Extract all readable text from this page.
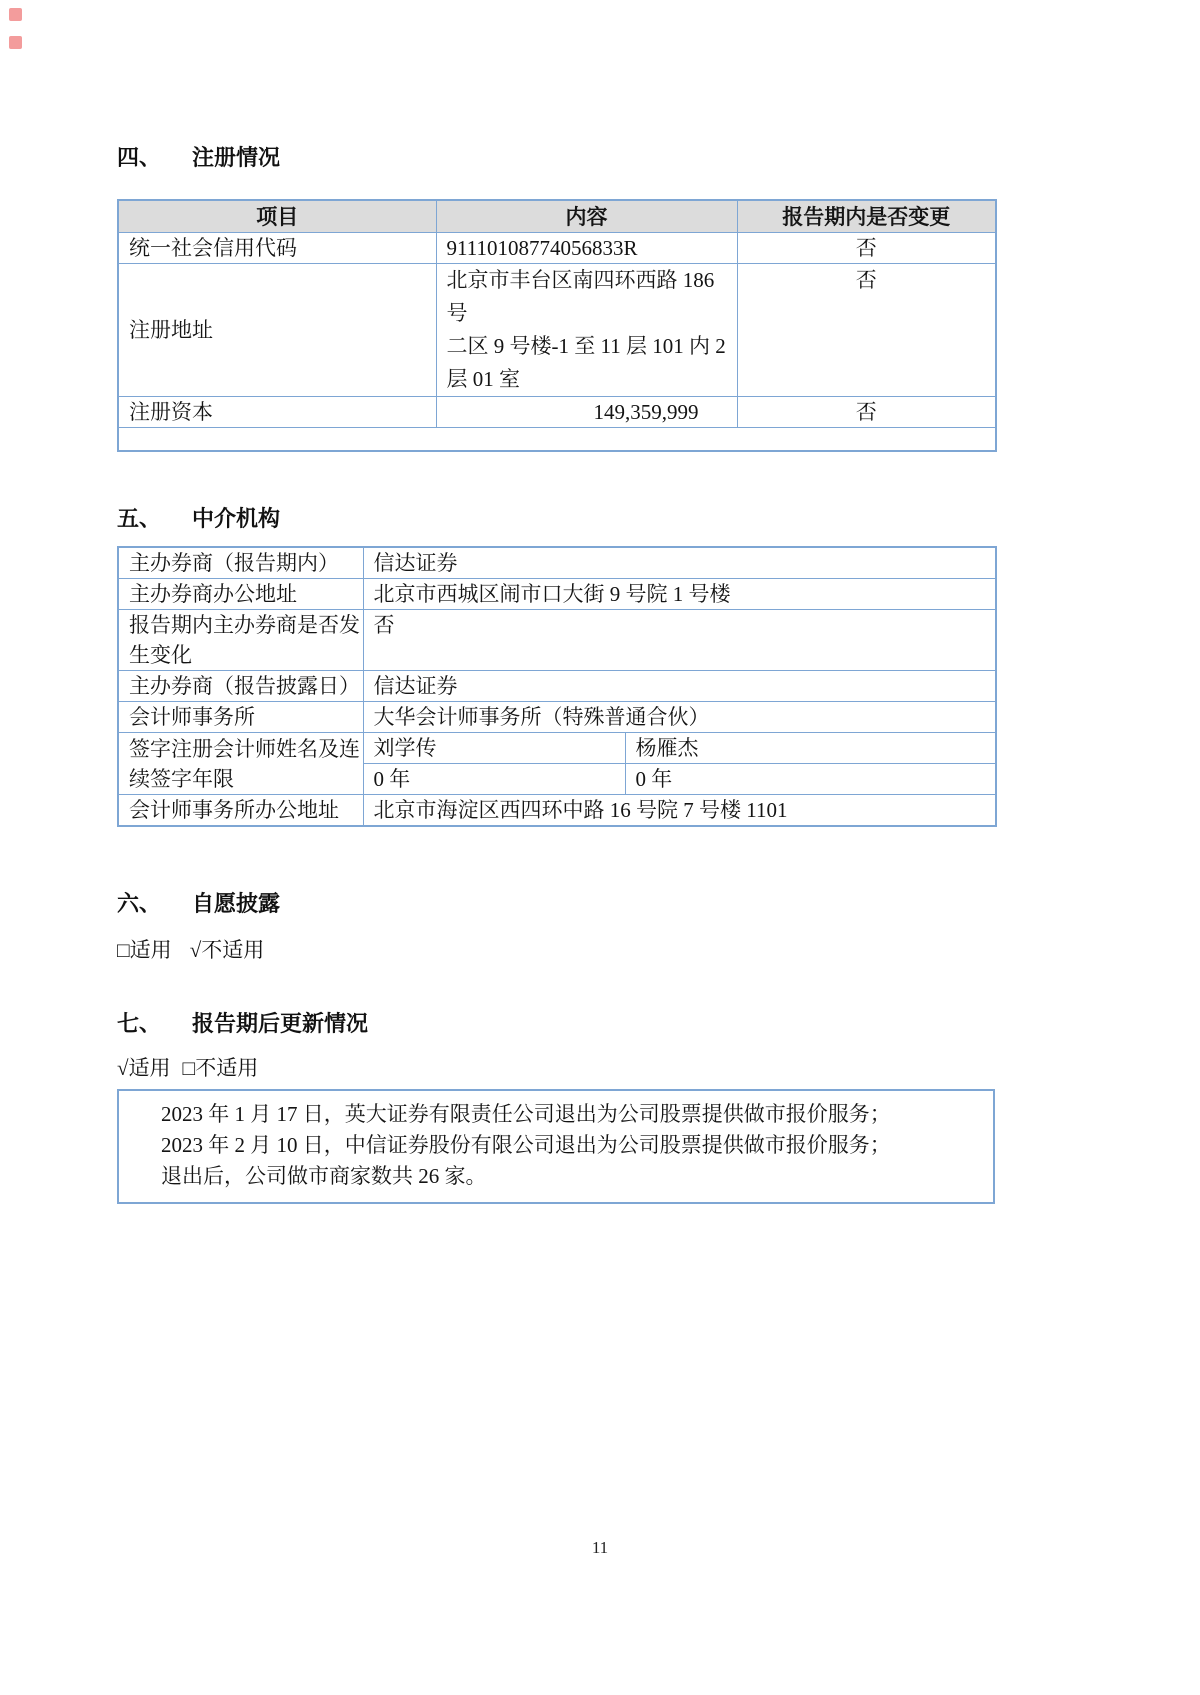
四、 注册情况
项目	内容	报告期内是否变更
统一社会信用代码	91110108774056833R	否
注册地址	北京市丰台区南四环西路 186 号
二区 9 号楼-1 至 11 层 101 内 2
层 01 室	否
注册资本	149,359,999	否

五、 中介机构
主办券商（报告期内）	信达证券	
主办券商办公地址	北京市西城区闹市口大街 9 号院 1 号楼	
报告期内主办券商是否发生变化	否	
主办券商（报告披露日）	信达证券	
会计师事务所	大华会计师事务所（特殊普通合伙）	
签字注册会计师姓名及连续签字年限	刘学传	杨雁杰
	0 年	0 年
会计师事务所办公地址	北京市海淀区西四环中路 16 号院 7 号楼 1101	
六、 自愿披露
□适用 √不适用
七、 报告期后更新情况
√适用 □不适用
2023 年 1 月 17 日，英大证券有限责任公司退出为公司股票提供做市报价服务；
2023 年 2 月 10 日，中信证券股份有限公司退出为公司股票提供做市报价服务；
退出后，公司做市商家数共 26 家。
11
